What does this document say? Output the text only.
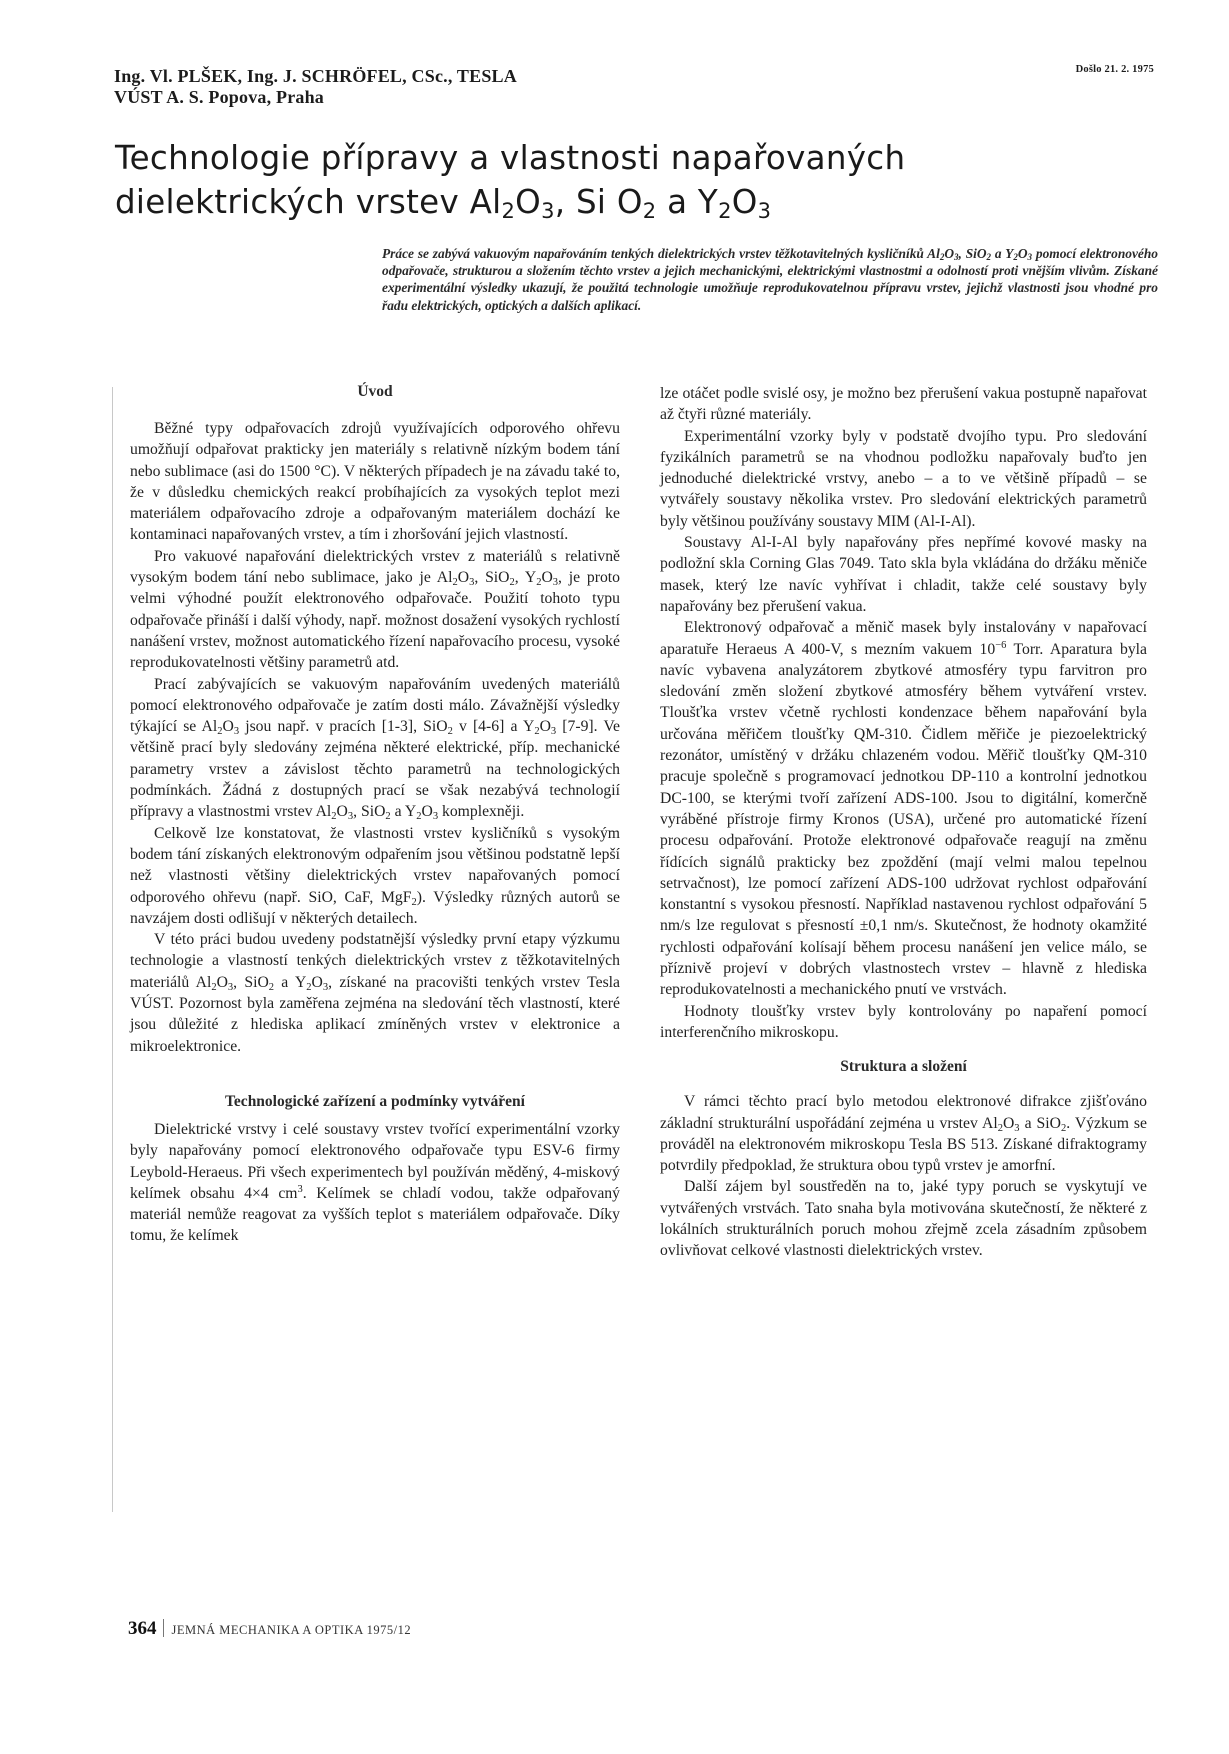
Ing. Vl. PLŠEK, Ing. J. SCHRÖFEL, CSc., TESLA
VÚST A. S. Popova, Praha
Došlo 21. 2. 1975
Technologie přípravy a vlastnosti napařovaných
dielektrických vrstev $Al_2O_3$, Si $O_2$ a $Y_2O_3$
Práce se zabývá vakuovým napařováním tenkých dielektrických vrstev těžkotavitelných kysličníků $Al_2O_3$, SiO$_2$ a $Y_2O_3$ pomocí elektronového odpařovače, strukturou a složením těchto vrstev a jejich mechanickými, elektrickými vlastnostmi a odolností proti vnějším vlivům. Získané experimentální výsledky ukazují, že použitá technologie umožňuje reprodukovatelnou přípravu vrstev, jejichž vlastnosti jsou vhodné pro řadu elektrických, optických a dalších aplikací.
Úvod

Běžné typy odpařovacích zdrojů využívajících odporového ohřevu umožňují odpařovat prakticky jen materiály s relativně nízkým bodem tání nebo sublimace (asi do 1500 °C). V některých případech je na závadu také to, že v důsledku chemických reakcí probíhajících za vysokých teplot mezi materiálem odpařovacího zdroje a odpařovaným materiálem dochází ke kontaminaci napařovaných vrstev, a tím i zhoršování jejich vlastností.

Pro vakuové napařování dielektrických vrstev z materiálů s relativně vysokým bodem tání nebo sublimace, jako je $Al_2O_3$, SiO$_2$, $Y_2O_3$, je proto velmi výhodné použít elektronového odpařovače. Použití tohoto typu odpařovače přináší i další výhody, např. možnost dosažení vysokých rychlostí nanášení vrstev, možnost automatického řízení napařovacího procesu, vysoké reprodukovatelnosti většiny parametrů atd.

Prací zabývajících se vakuovým napařováním uvedených materiálů pomocí elektronového odpařovače je zatím dosti málo. Závažnější výsledky týkající se $Al_2O_3$ jsou např. v pracích [1-3], SiO$_2$ v [4-6] a $Y_2O_3$ [7-9]. Ve většině prací byly sledovány zejména některé elektrické, příp. mechanické parametry vrstev a závislost těchto parametrů na technologických podmínkách. Žádná z dostupných prací se však nezabývá technologií přípravy a vlastnostmi vrstev $Al_2O_3$, SiO$_2$ a $Y_2O_3$ komplexněji.

Celkově lze konstatovat, že vlastnosti vrstev kysličníků s vysokým bodem tání získaných elektronovým odpařením jsou většinou podstatně lepší než vlastnosti většiny dielektrických vrstev napařovaných pomocí odporového ohřevu (např. SiO, CaF, MgF$_2$). Výsledky různých autorů se navzájem dosti odlišují v některých detailech.

V této práci budou uvedeny podstatnější výsledky první etapy výzkumu technologie a vlastností tenkých dielektrických vrstev z těžkotavitelných materiálů $Al_2O_3$, SiO$_2$ a $Y_2O_3$, získané na pracovišti tenkých vrstev Tesla VÚST. Pozornost byla zaměřena zejména na sledování těch vlastností, které jsou důležité z hlediska aplikací zmíněných vrstev v elektronice a mikroelektronice.

Technologické zařízení a podmínky vytváření

Dielektrické vrstvy i celé soustavy vrstev tvořící experimentální vzorky byly napařovány pomocí elektronového odpařovače typu ESV-6 firmy Leybold-Heraeus. Při všech experimentech byl používán měděný, 4-miskový kelímek obsahu 4×4 $cm^3$. Kelímek se chladí vodou, takže odpařovaný materiál nemůže reagovat za vyšších teplot s materiálem odpařovače. Díky tomu, že kelímek

lze otáčet podle svislé osy, je možno bez přerušení vakua postupně napařovat až čtyři různé materiály.

Experimentální vzorky byly v podstatě dvojího typu. Pro sledování fyzikálních parametrů se na vhodnou podložku napařovaly buďto jen jednoduché dielektrické vrstvy, anebo – a to ve většině případů – se vytvářely soustavy několika vrstev. Pro sledování elektrických parametrů byly většinou používány soustavy MIM (Al-I-Al).

Soustavy Al-I-Al byly napařovány přes nepřímé kovové masky na podložní skla Corning Glas 7049. Tato skla byla vkládána do držáku měniče masek, který lze navíc vyhřívat i chladit, takže celé soustavy byly napařovány bez přerušení vakua.

Elektronový odpařovač a měnič masek byly instalovány v napařovací aparatuře Heraeus A 400-V, s mezním vakuem $10^{-6}$ Torr. Aparatura byla navíc vybavena analyzátorem zbytkové atmosféry typu farvitron pro sledování změn složení zbytkové atmosféry během vytváření vrstev. Tloušťka vrstev včetně rychlosti kondenzace během napařování byla určována měřičem tloušťky QM-310. Čidlem měřiče je piezoelektrický rezonátor, umístěný v držáku chlazeném vodou. Měřič tloušťky QM-310 pracuje společně s programovací jednotkou DP-110 a kontrolní jednotkou DC-100, se kterými tvoří zařízení ADS-100. Jsou to digitální, komerčně vyráběné přístroje firmy Kronos (USA), určené pro automatické řízení procesu odpařování. Protože elektronové odpařovače reagují na změnu řídících signálů prakticky bez zpoždění (mají velmi malou tepelnou setrvačnost), lze pomocí zařízení ADS-100 udržovat rychlost odpařování konstantní s vysokou přesností. Například nastavenou rychlost odpařování 5 nm/s lze regulovat s přesností ±0,1 nm/s. Skutečnost, že hodnoty okamžité rychlosti odpařování kolísají během procesu nanášení jen velice málo, se příznivě projeví v dobrých vlastnostech vrstev – hlavně z hlediska reprodukovatelnosti a mechanického pnutí ve vrstvách.

Hodnoty tloušťky vrstev byly kontrolovány po napaření pomocí interferenčního mikroskopu.

Struktura a složení

V rámci těchto prací bylo metodou elektronové difrakce zjišťováno základní strukturální uspořádání zejména u vrstev $Al_2O_3$ a SiO$_2$. Výzkum se prováděl na elektronovém mikroskopu Tesla BS 513. Získané difraktogramy potvrdily předpoklad, že struktura obou typů vrstev je amorfní.

Další zájem byl soustředěn na to, jaké typy poruch se vyskytují ve vytvářených vrstvách. Tato snaha byla motivována skutečností, že některé z lokálních strukturálních poruch mohou zřejmě zcela zásadním způsobem ovlivňovat celkové vlastnosti dielektrických vrstev.

364 JEMNÁ MECHANIKA A OPTIKA 1975/12
